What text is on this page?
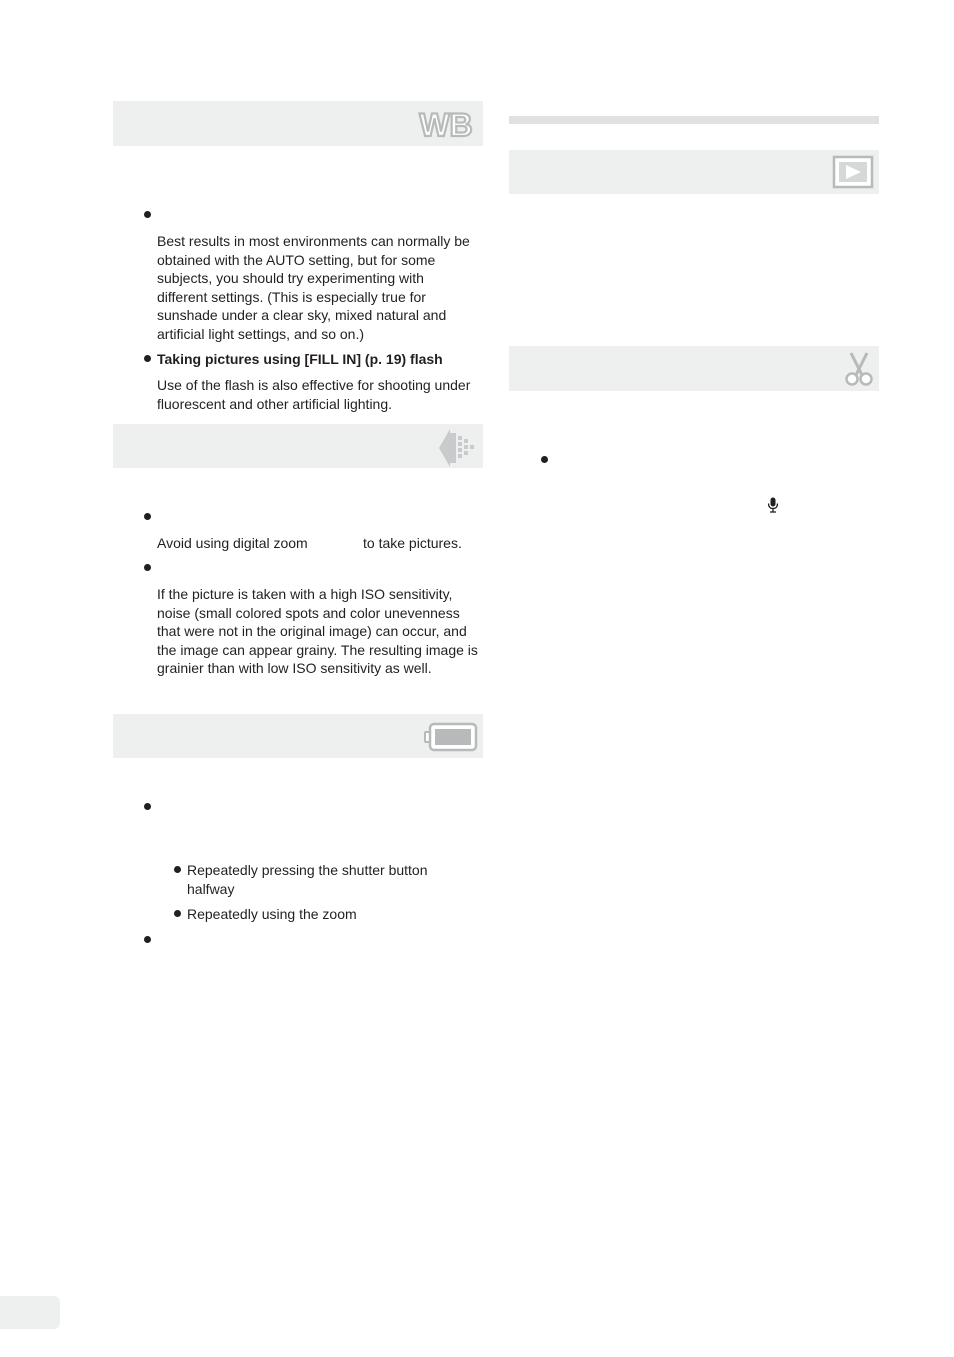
WB
Best results in most environments can normally be obtained with the AUTO setting, but for some subjects, you should try experimenting with different settings. (This is especially true for sunshade under a clear sky, mixed natural and artificial light settings, and so on.)
Taking pictures using [FILL IN] (p. 19) flash
Use of the flash is also effective for shooting under fluorescent and other artificial lighting.
Avoid using digital zoom	to take pictures.
If the picture is taken with a high ISO sensitivity, noise (small colored spots and color unevenness that were not in the original image) can occur, and the image can appear grainy. The resulting image is grainier than with low ISO sensitivity as well.
Repeatedly pressing the shutter button halfway
Repeatedly using the zoom
